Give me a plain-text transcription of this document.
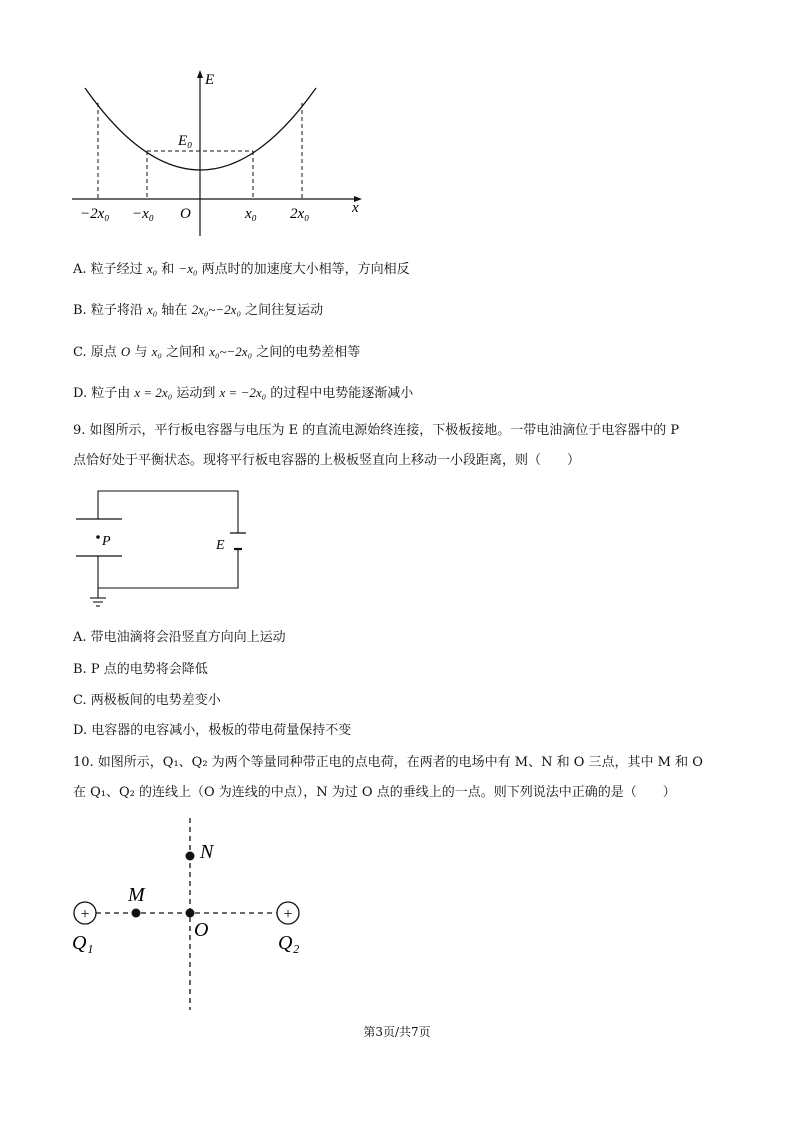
E
x
E₀
O
−2x₀ −x₀	x₀ 2x₀
A. 粒子经过 x₀ 和 −x₀ 两点时的加速度大小相等，方向相反
B. 粒子将沿 x₀ 轴在 2x₀~−2x₀ 之间往复运动
C. 原点 O 与 x₀ 之间和 x₀~−2x₀ 之间的电势差相等
D. 粒子由 x = 2x₀ 运动到 x = −2x₀ 的过程中电势能逐渐减小
9. 如图所示，平行板电容器与电压为 E 的直流电源始终连接，下极板接地。一带电油滴位于电容器中的 P
点恰好处于平衡状态。现将平行板电容器的上极板竖直向上移动一小段距离，则（　　）
P	E
A. 带电油滴将会沿竖直方向向上运动
B. P 点的电势将会降低
C. 两极板间的电势差变小
D. 电容器的电容减小，极板的带电荷量保持不变
10. 如图所示，Q₁、Q₂ 为两个等量同种带正电的点电荷，在两者的电场中有 M、N 和 O 三点，其中 M 和 O
在 Q₁、Q₂ 的连线上（O 为连线的中点），N 为过 O 点的垂线上的一点。则下列说法中正确的是（　　）
+	+
N
M
O
Q₁	Q₂
第3页/共7页
